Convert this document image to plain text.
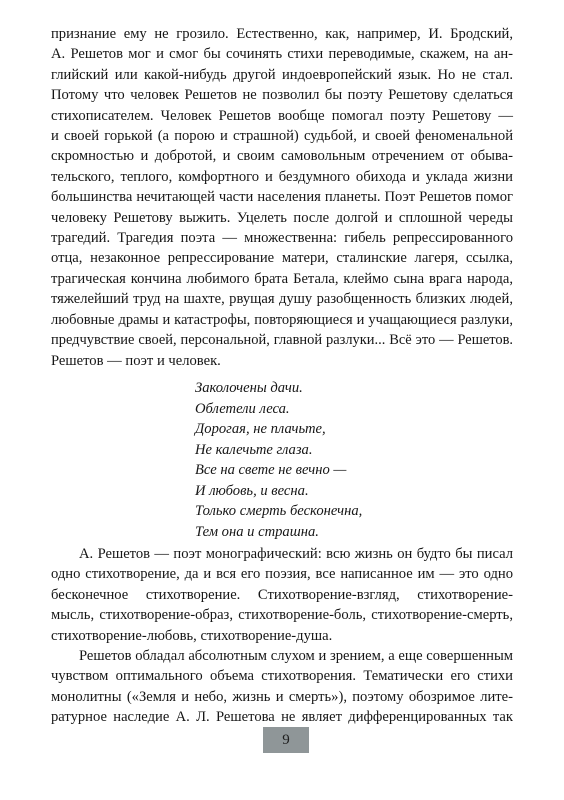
признание ему не грозило. Естественно, как, например, И. Бродский,
А. Решетов мог и смог бы сочинять стихи переводимые, скажем, на ан-
глийский или какой-нибудь другой индоевропейский язык. Но не стал.
Потому что человек Решетов не позволил бы поэту Решетову сделаться
стихописателем. Человек Решетов вообще помогал поэту Решетову —
и своей горькой (а порою и страшной) судьбой, и своей феноменальной
скромностью и добротой, и своим самовольным отречением от обыва-
тельского, теплого, комфортного и бездумного обихода и уклада жизни
большинства нечитающей части населения планеты. Поэт Решетов помог
человеку Решетову выжить. Уцелеть после долгой и сплошной череды
трагедий. Трагедия поэта — множественна: гибель репрессированного
отца, незаконное репрессирование матери, сталинские лагеря, ссылка,
трагическая кончина любимого брата Бетала, клеймо сына врага народа,
тяжелейший труд на шахте, рвущая душу разобщенность близких людей,
любовные драмы и катастрофы, повторяющиеся и учащающиеся разлуки,
предчувствие своей, персональной, главной разлуки... Всё это — Решетов.
Решетов — поэт и человек.

Заколочены дачи.
Облетели леса.
Дорогая, не плачьте,
Не калечьте глаза.
Все на свете не вечно —
И любовь, и весна.
Только смерть бесконечна,
Тем она и страшна.

А. Решетов — поэт монографический: всю жизнь он будто бы писал
одно стихотворение, да и вся его поэзия, все написанное им — это одно
бесконечное стихотворение. Стихотворение-взгляд, стихотворение-
мысль, стихотворение-образ, стихотворение-боль, стихотворение-смерть,
стихотворение-любовь, стихотворение-душа.

Решетов обладал абсолютным слухом и зрением, а еще совершенным
чувством оптимального объема стихотворения. Тематически его стихи
монолитны («Земля и небо, жизнь и смерть»), поэтому обозримое лите-
ратурное наследие А. Л. Решетова не являет дифференцированных так

9
